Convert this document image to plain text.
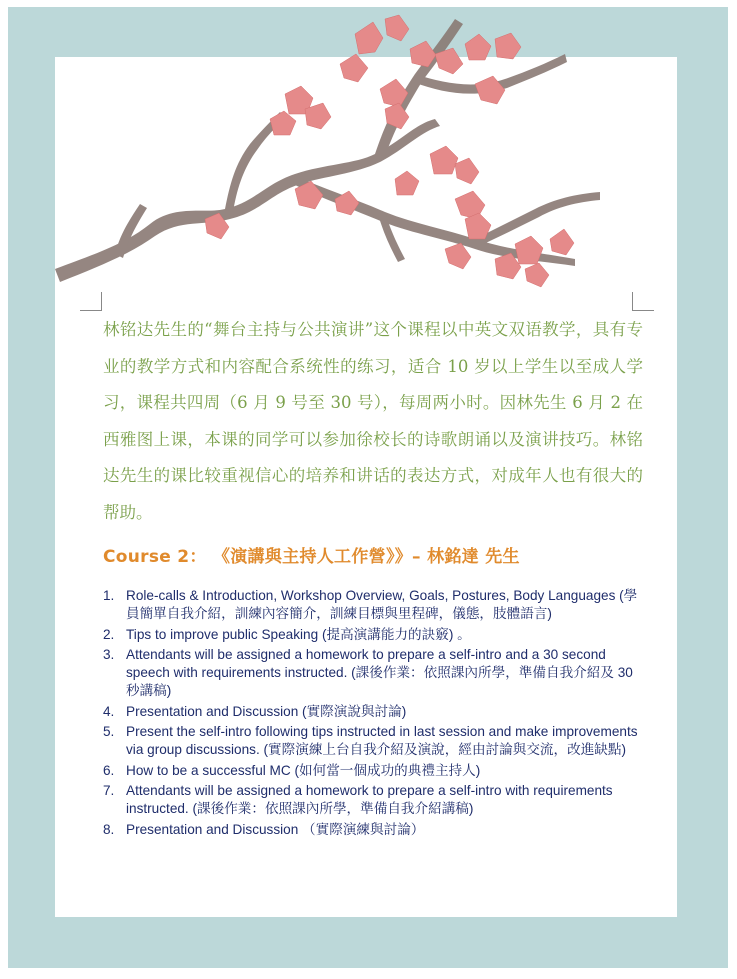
林铭达先生的“舞台主持与公共演讲”这个课程以中英文双语教学，具有专业的教学方式和内容配合系统性的练习，适合 10 岁以上学生以至成人学习，课程共四周（6 月 9 号至 30 号），每周两小时。因林先生 6 月 2 在西雅图上课，本课的同学可以参加徐校长的诗歌朗诵以及演讲技巧。林铭达先生的课比较重视信心的培养和讲话的表达方式，对成年人也有很大的帮助。

Course 2： 《演講與主持人工作營》》– 林銘達 先生
1. Role-calls & Introduction, Workshop Overview, Goals, Postures, Body Languages (學員簡單自我介紹，訓練內容簡介，訓練目標與里程碑，儀態，肢體語言)
2. Tips to improve public Speaking (提高演講能力的訣竅) 。
3. Attendants will be assigned a homework to prepare a self-intro and a 30 second speech with requirements instructed. (課後作業：依照課內所學，準備自我介紹及 30 秒講稿)
4. Presentation and Discussion (實際演說與討論)
5. Present the self-intro following tips instructed in last session and make improvements via group discussions. (實際演練上台自我介紹及演說，經由討論與交流，改進缺點)
6. How to be a successful MC (如何當一個成功的典禮主持人)
7. Attendants will be assigned a homework to prepare a self-intro with requirements instructed. (課後作業：依照課內所學，準備自我介紹講稿)
8. Presentation and Discussion （實際演練與討論）
